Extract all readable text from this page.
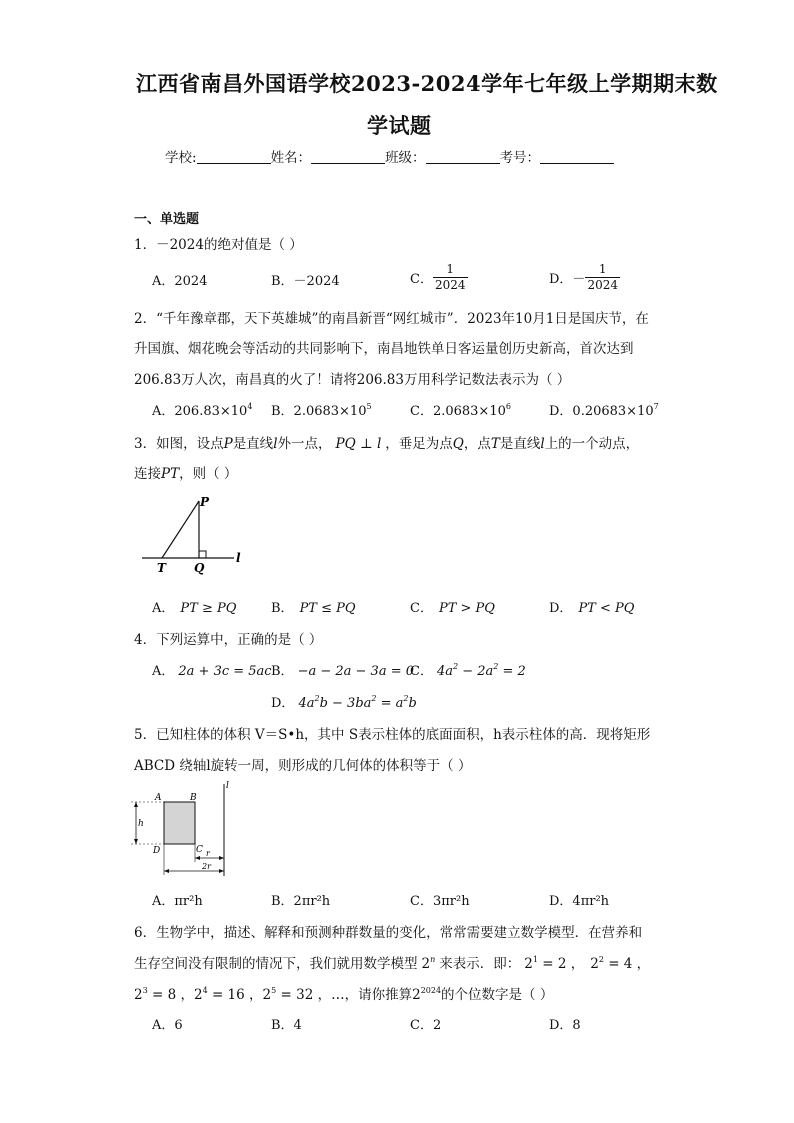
江西省南昌外国语学校2023-2024学年七年级上学期期末数
学试题
学校:	姓名：	班级：	考号：
一、单选题
1．－2024的绝对值是（ ）
A．2024	B．－2024	C． $\frac{1}{2024}$	D．－ $\frac{1}{2024}$
2．“千年豫章郡，天下英雄城”的南昌新晋“网红城市”．2023年10月1日是国庆节，在
升国旗、烟花晚会等活动的共同影响下，南昌地铁单日客运量创历史新高，首次达到
206.83万人次，南昌真的火了！请将206.83万用科学记数法表示为（ ）
A．$206.83\times 10^4$ B．$2.0683\times 10^5$	C．$2.0683\times 10^6$	D．$0.20683\times 10^7$
3．如图，设点P是直线l外一点， PQ ⊥ l ，垂足为点Q，点T是直线l上的一个动点，
连接PT，则（ ）
P
T Q
l
A． PT ≥ PQ	B． PT ≤ PQ	C． PT > PQ	D． PT < PQ
4．下列运算中，正确的是（ ）
A． 2a + 3c = 5ac B． −a − 2a − 3a = 0
C． $4a^2 - 2a^2 = 2$
D． $4a^2b - 3ba^2 = a^2b$
5．已知柱体的体积 V＝S•h，其中 S表示柱体的底面面积，h表示柱体的高．现将矩形
ABCD 绕轴l旋转一周，则形成的几何体的体积等于（ ）
A	B
C
D
h
l
r
2r
A．πr²h	B．2πr²h	C．3πr²h	D．4πr²h
6．生物学中，描述、解释和预测种群数量的变化，常常需要建立数学模型．在营养和
生存空间没有限制的情况下，我们就用数学模型 2$^n$ 来表示．即： $2^1 = 2$ ， $2^2 = 4$ ，
$2^3 = 8$ ，$2^4 = 16$ ，$2^5 = 32$ ，…，请你推算$2^{2024}$的个位数字是（ ）
A．6	B．4	C．2	D．8
